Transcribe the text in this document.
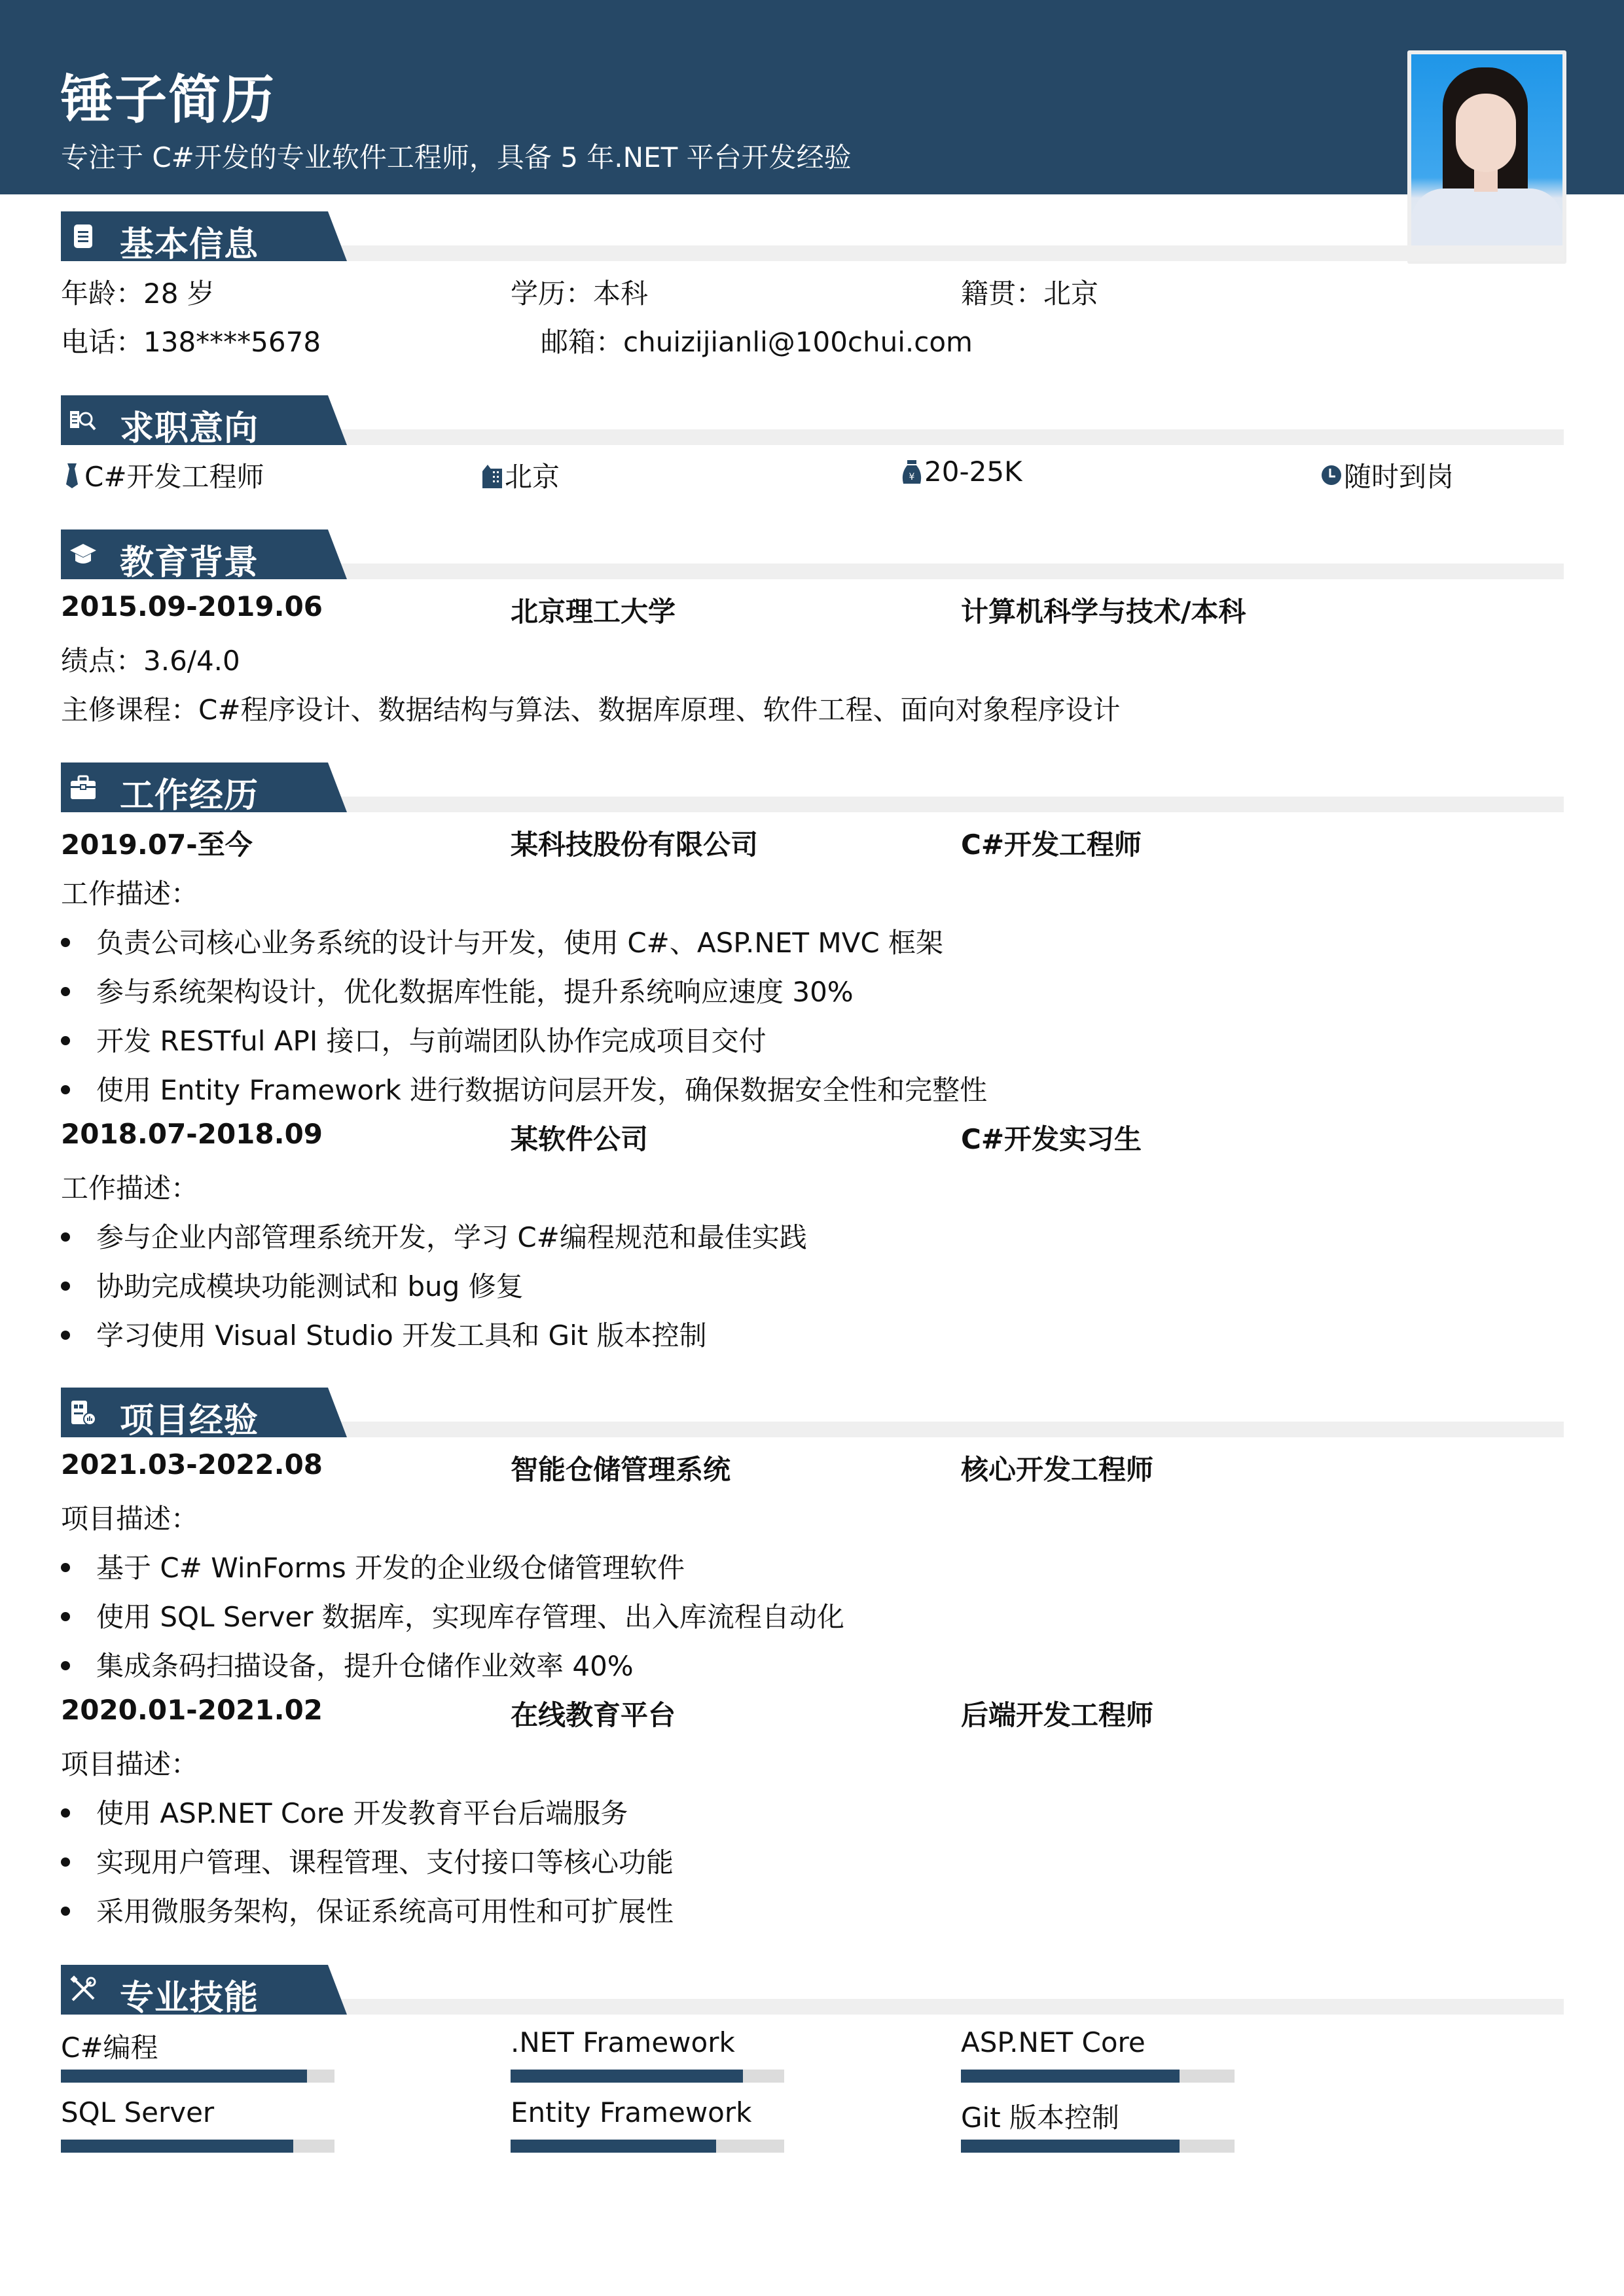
锤子简历
专注于 C#开发的专业软件工程师，具备 5 年.NET 平台开发经验
基本信息
年龄：28 岁	学历：本科	籍贯：北京
电话：138****5678	邮箱：chuizijianli@100chui.com
求职意向
C#开发工程师	北京	¥ 20-25K	随时到岗
教育背景
2015.09-2019.06	北京理工大学	计算机科学与技术/本科
绩点：3.6/4.0
主修课程：C#程序设计、数据结构与算法、数据库原理、软件工程、面向对象程序设计
工作经历
2019.07-至今	某科技股份有限公司	C#开发工程师
工作描述：
负责公司核心业务系统的设计与开发，使用 C#、ASP.NET MVC 框架
参与系统架构设计，优化数据库性能，提升系统响应速度 30%
开发 RESTful API 接口，与前端团队协作完成项目交付
使用 Entity Framework 进行数据访问层开发，确保数据安全性和完整性
2018.07-2018.09	某软件公司	C#开发实习生
工作描述：
参与企业内部管理系统开发，学习 C#编程规范和最佳实践
协助完成模块功能测试和 bug 修复
学习使用 Visual Studio 开发工具和 Git 版本控制
项目经验
2021.03-2022.08	智能仓储管理系统	核心开发工程师
项目描述：
基于 C# WinForms 开发的企业级仓储管理软件
使用 SQL Server 数据库，实现库存管理、出入库流程自动化
集成条码扫描设备，提升仓储作业效率 40%
2020.01-2021.02	在线教育平台	后端开发工程师
项目描述：
使用 ASP.NET Core 开发教育平台后端服务
实现用户管理、课程管理、支付接口等核心功能
采用微服务架构，保证系统高可用性和可扩展性
专业技能
C#编程	.NET Framework	ASP.NET Core
SQL Server	Entity Framework	Git 版本控制
